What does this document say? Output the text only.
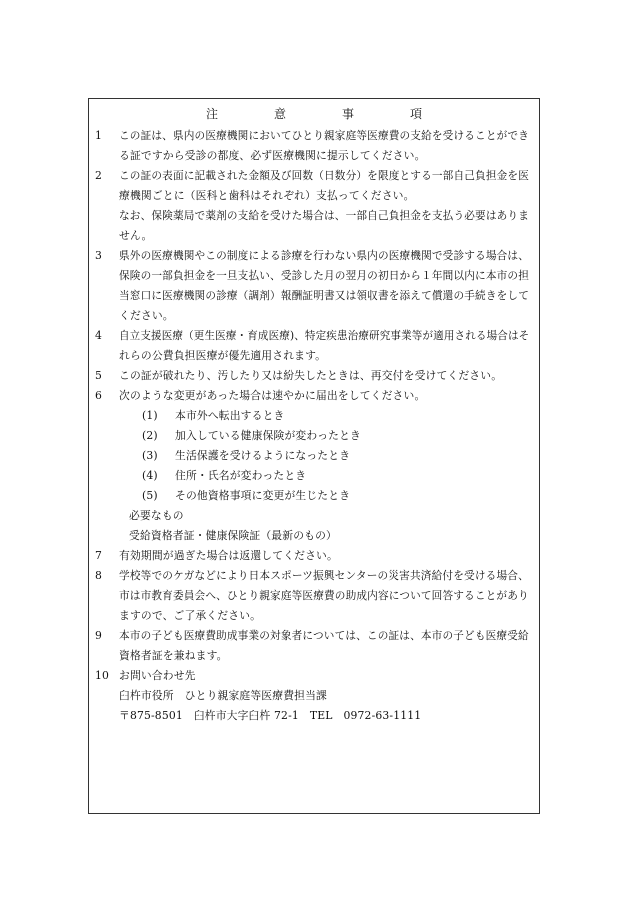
注　意　事　項
1	この証は、県内の医療機関においてひとり親家庭等医療費の支給を受けることができ
る証ですから受診の都度、必ず医療機関に提示してください。
2	この証の表面に記載された金額及び回数（日数分）を限度とする一部自己負担金を医
療機関ごとに（医科と歯科はそれぞれ）支払ってください。
なお、保険薬局で薬剤の支給を受けた場合は、一部自己負担金を支払う必要はありま
せん。
3	県外の医療機関やこの制度による診療を行わない県内の医療機関で受診する場合は、
保険の一部負担金を一旦支払い、受診した月の翌月の初日から１年間以内に本市の担
当窓口に医療機関の診療（調剤）報酬証明書又は領収書を添えて償還の手続きをして
ください。
4	自立支援医療（更生医療・育成医療)、特定疾患治療研究事業等が適用される場合はそ
れらの公費負担医療が優先適用されます。
5	この証が破れたり、汚したり又は紛失したときは、再交付を受けてください。
6	次のような変更があった場合は速やかに届出をしてください。
(1) 本市外へ転出するとき
(2) 加入している健康保険が変わったとき
(3) 生活保護を受けるようになったとき
(4) 住所・氏名が変わったとき
(5) その他資格事項に変更が生じたとき
必要なもの
受給資格者証・健康保険証（最新のもの）
7	有効期間が過ぎた場合は返還してください。
8	学校等でのケガなどにより日本スポーツ振興センターの災害共済給付を受ける場合、
市は市教育委員会へ、ひとり親家庭等医療費の助成内容について回答することがあり
ますので、ご了承ください。
9	本市の子ども医療費助成事業の対象者については、この証は、本市の子ども医療受給
資格者証を兼ねます。
10 お問い合わせ先
臼杵市役所　ひとり親家庭等医療費担当課
〒875-8501　臼杵市大字臼杵 72-1　TEL　0972-63-1111
